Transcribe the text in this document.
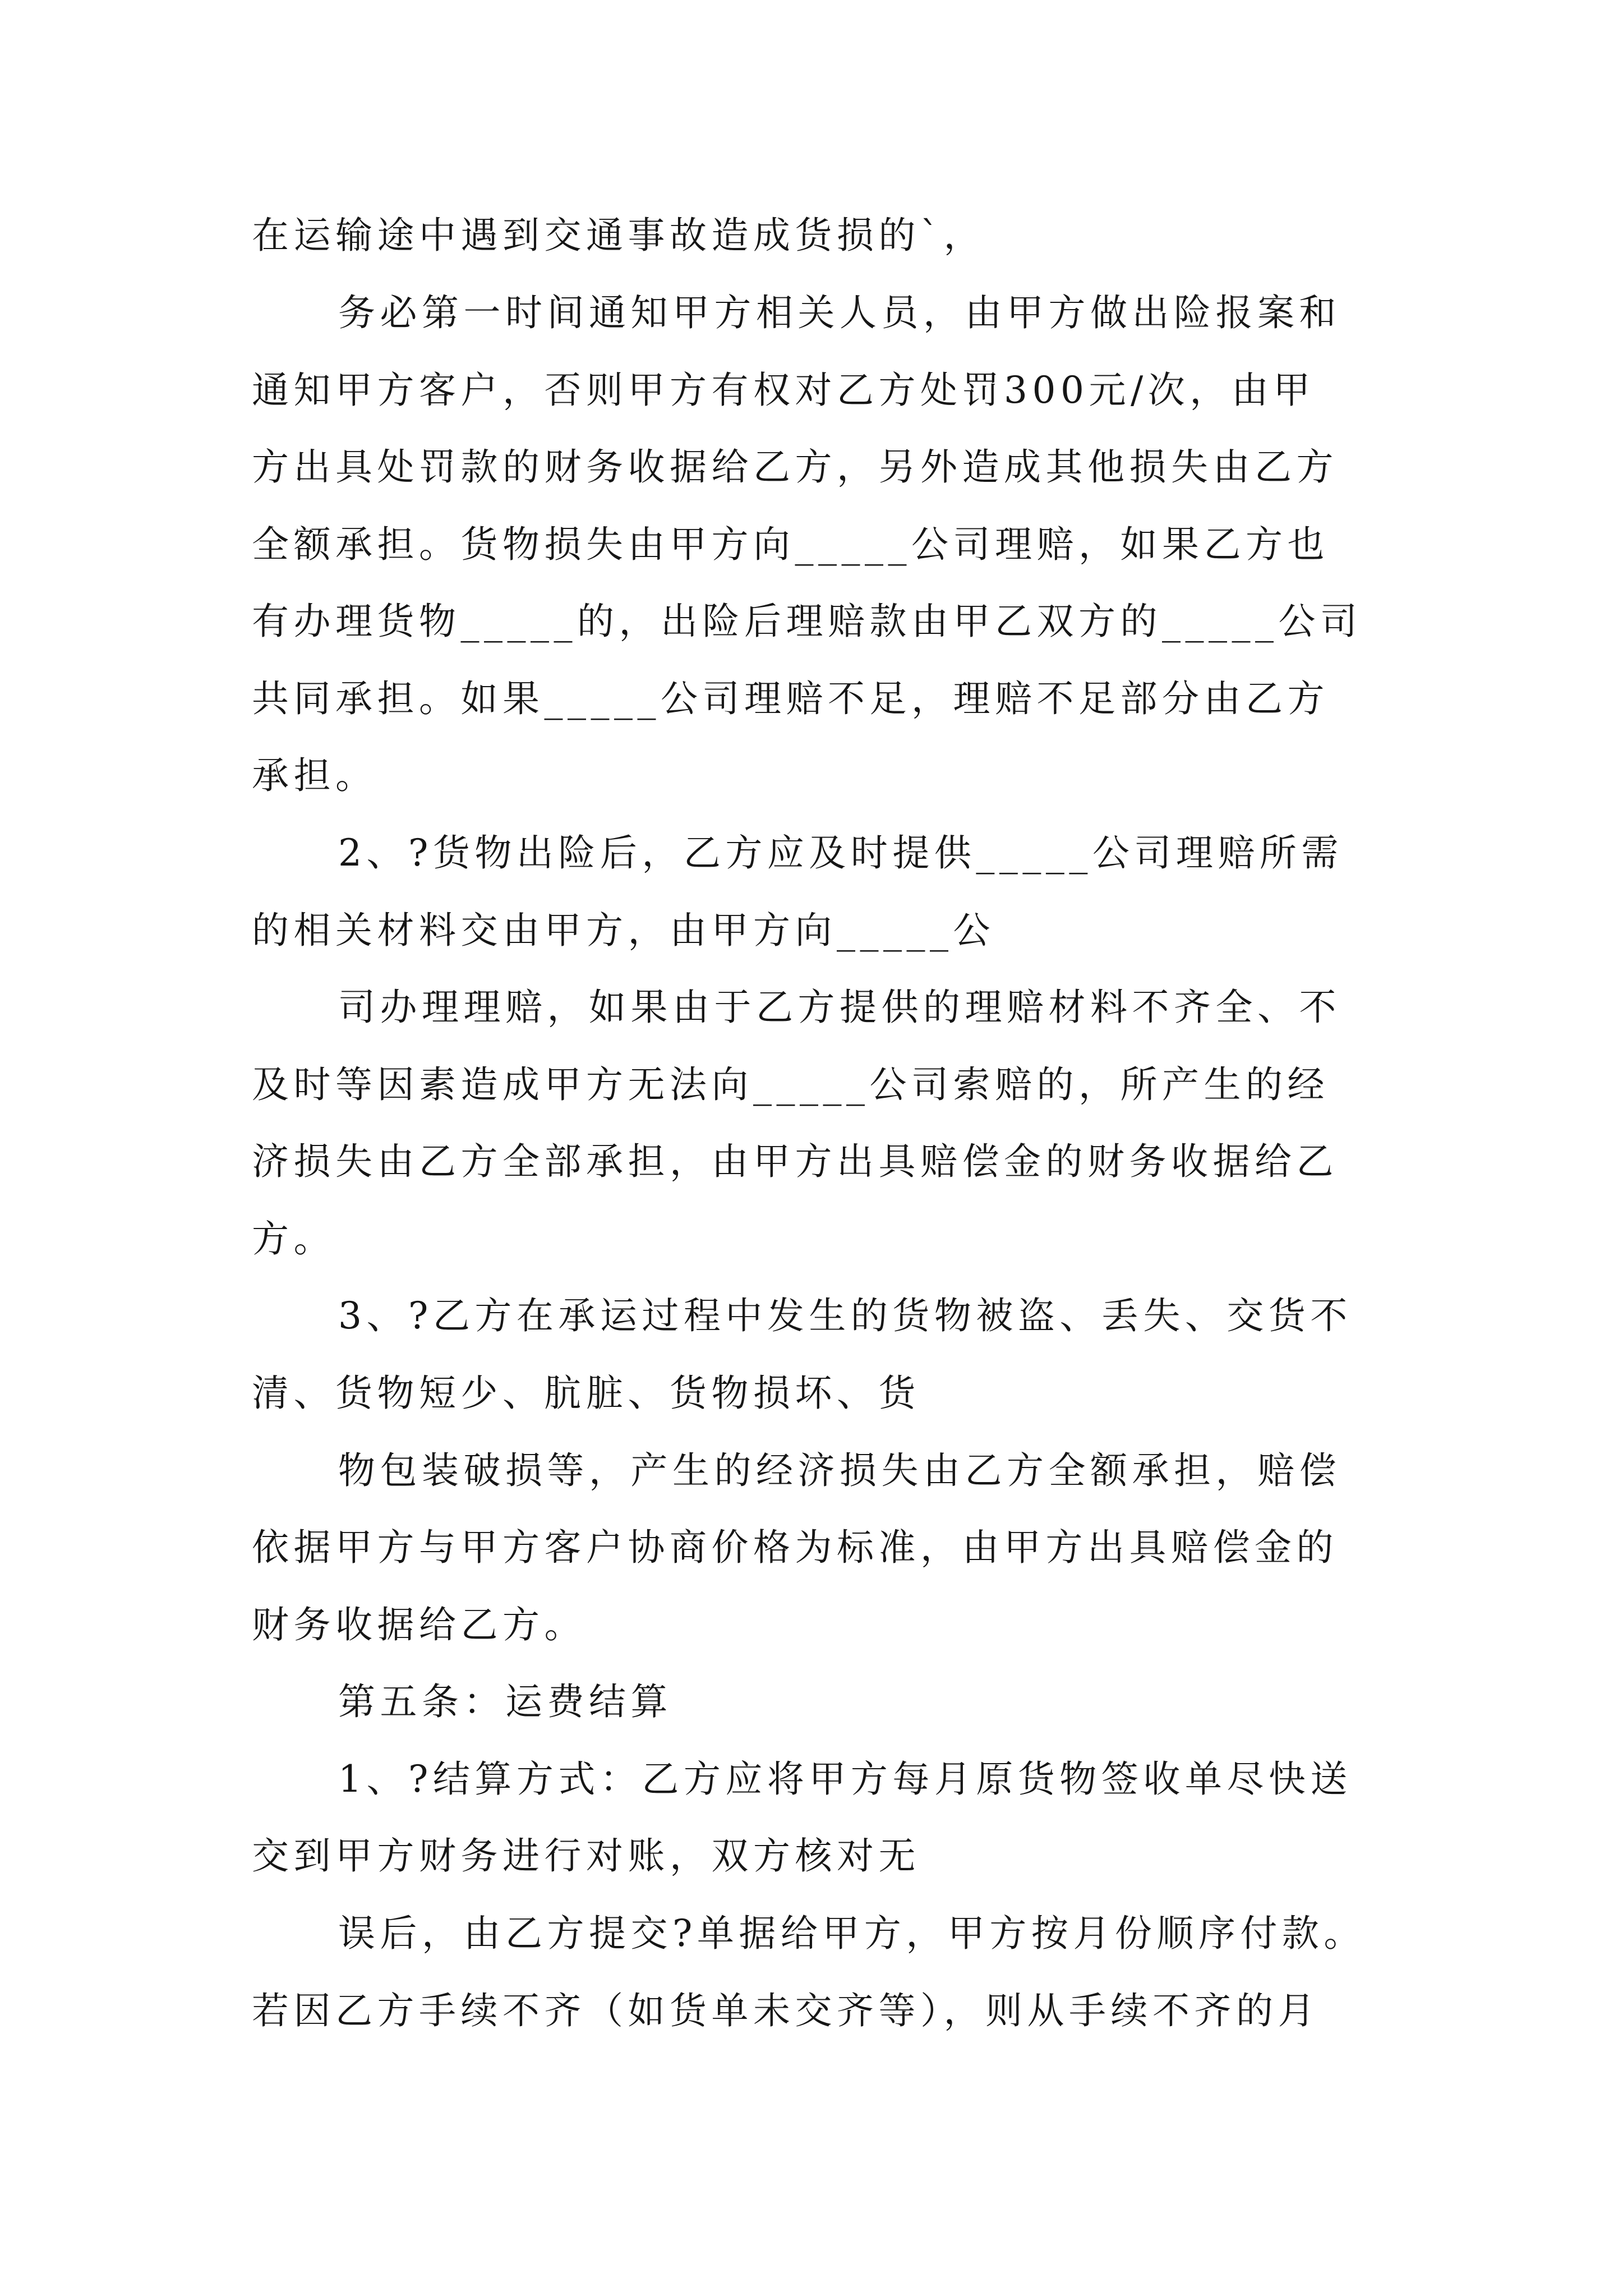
在运输途中遇到交通事故造成货损的`，

务必第一时间通知甲方相关人员，由甲方做出险报案和

通知甲方客户，否则甲方有权对乙方处罚300元/次，由甲

方出具处罚款的财务收据给乙方，另外造成其他损失由乙方

全额承担。货物损失由甲方向_____公司理赔，如果乙方也

有办理货物_____的，出险后理赔款由甲乙双方的_____公司

共同承担。如果_____公司理赔不足，理赔不足部分由乙方

承担。

2、?货物出险后，乙方应及时提供_____公司理赔所需

的相关材料交由甲方，由甲方向_____公

司办理理赔，如果由于乙方提供的理赔材料不齐全、不

及时等因素造成甲方无法向_____公司索赔的，所产生的经

济损失由乙方全部承担，由甲方出具赔偿金的财务收据给乙

方。

3、?乙方在承运过程中发生的货物被盗、丢失、交货不

清、货物短少、肮脏、货物损坏、货

物包装破损等，产生的经济损失由乙方全额承担，赔偿

依据甲方与甲方客户协商价格为标准，由甲方出具赔偿金的

财务收据给乙方。

第五条：运费结算

1、?结算方式：乙方应将甲方每月原货物签收单尽快送

交到甲方财务进行对账，双方核对无

误后，由乙方提交?单据给甲方，甲方按月份顺序付款。

若因乙方手续不齐（如货单未交齐等），则从手续不齐的月
